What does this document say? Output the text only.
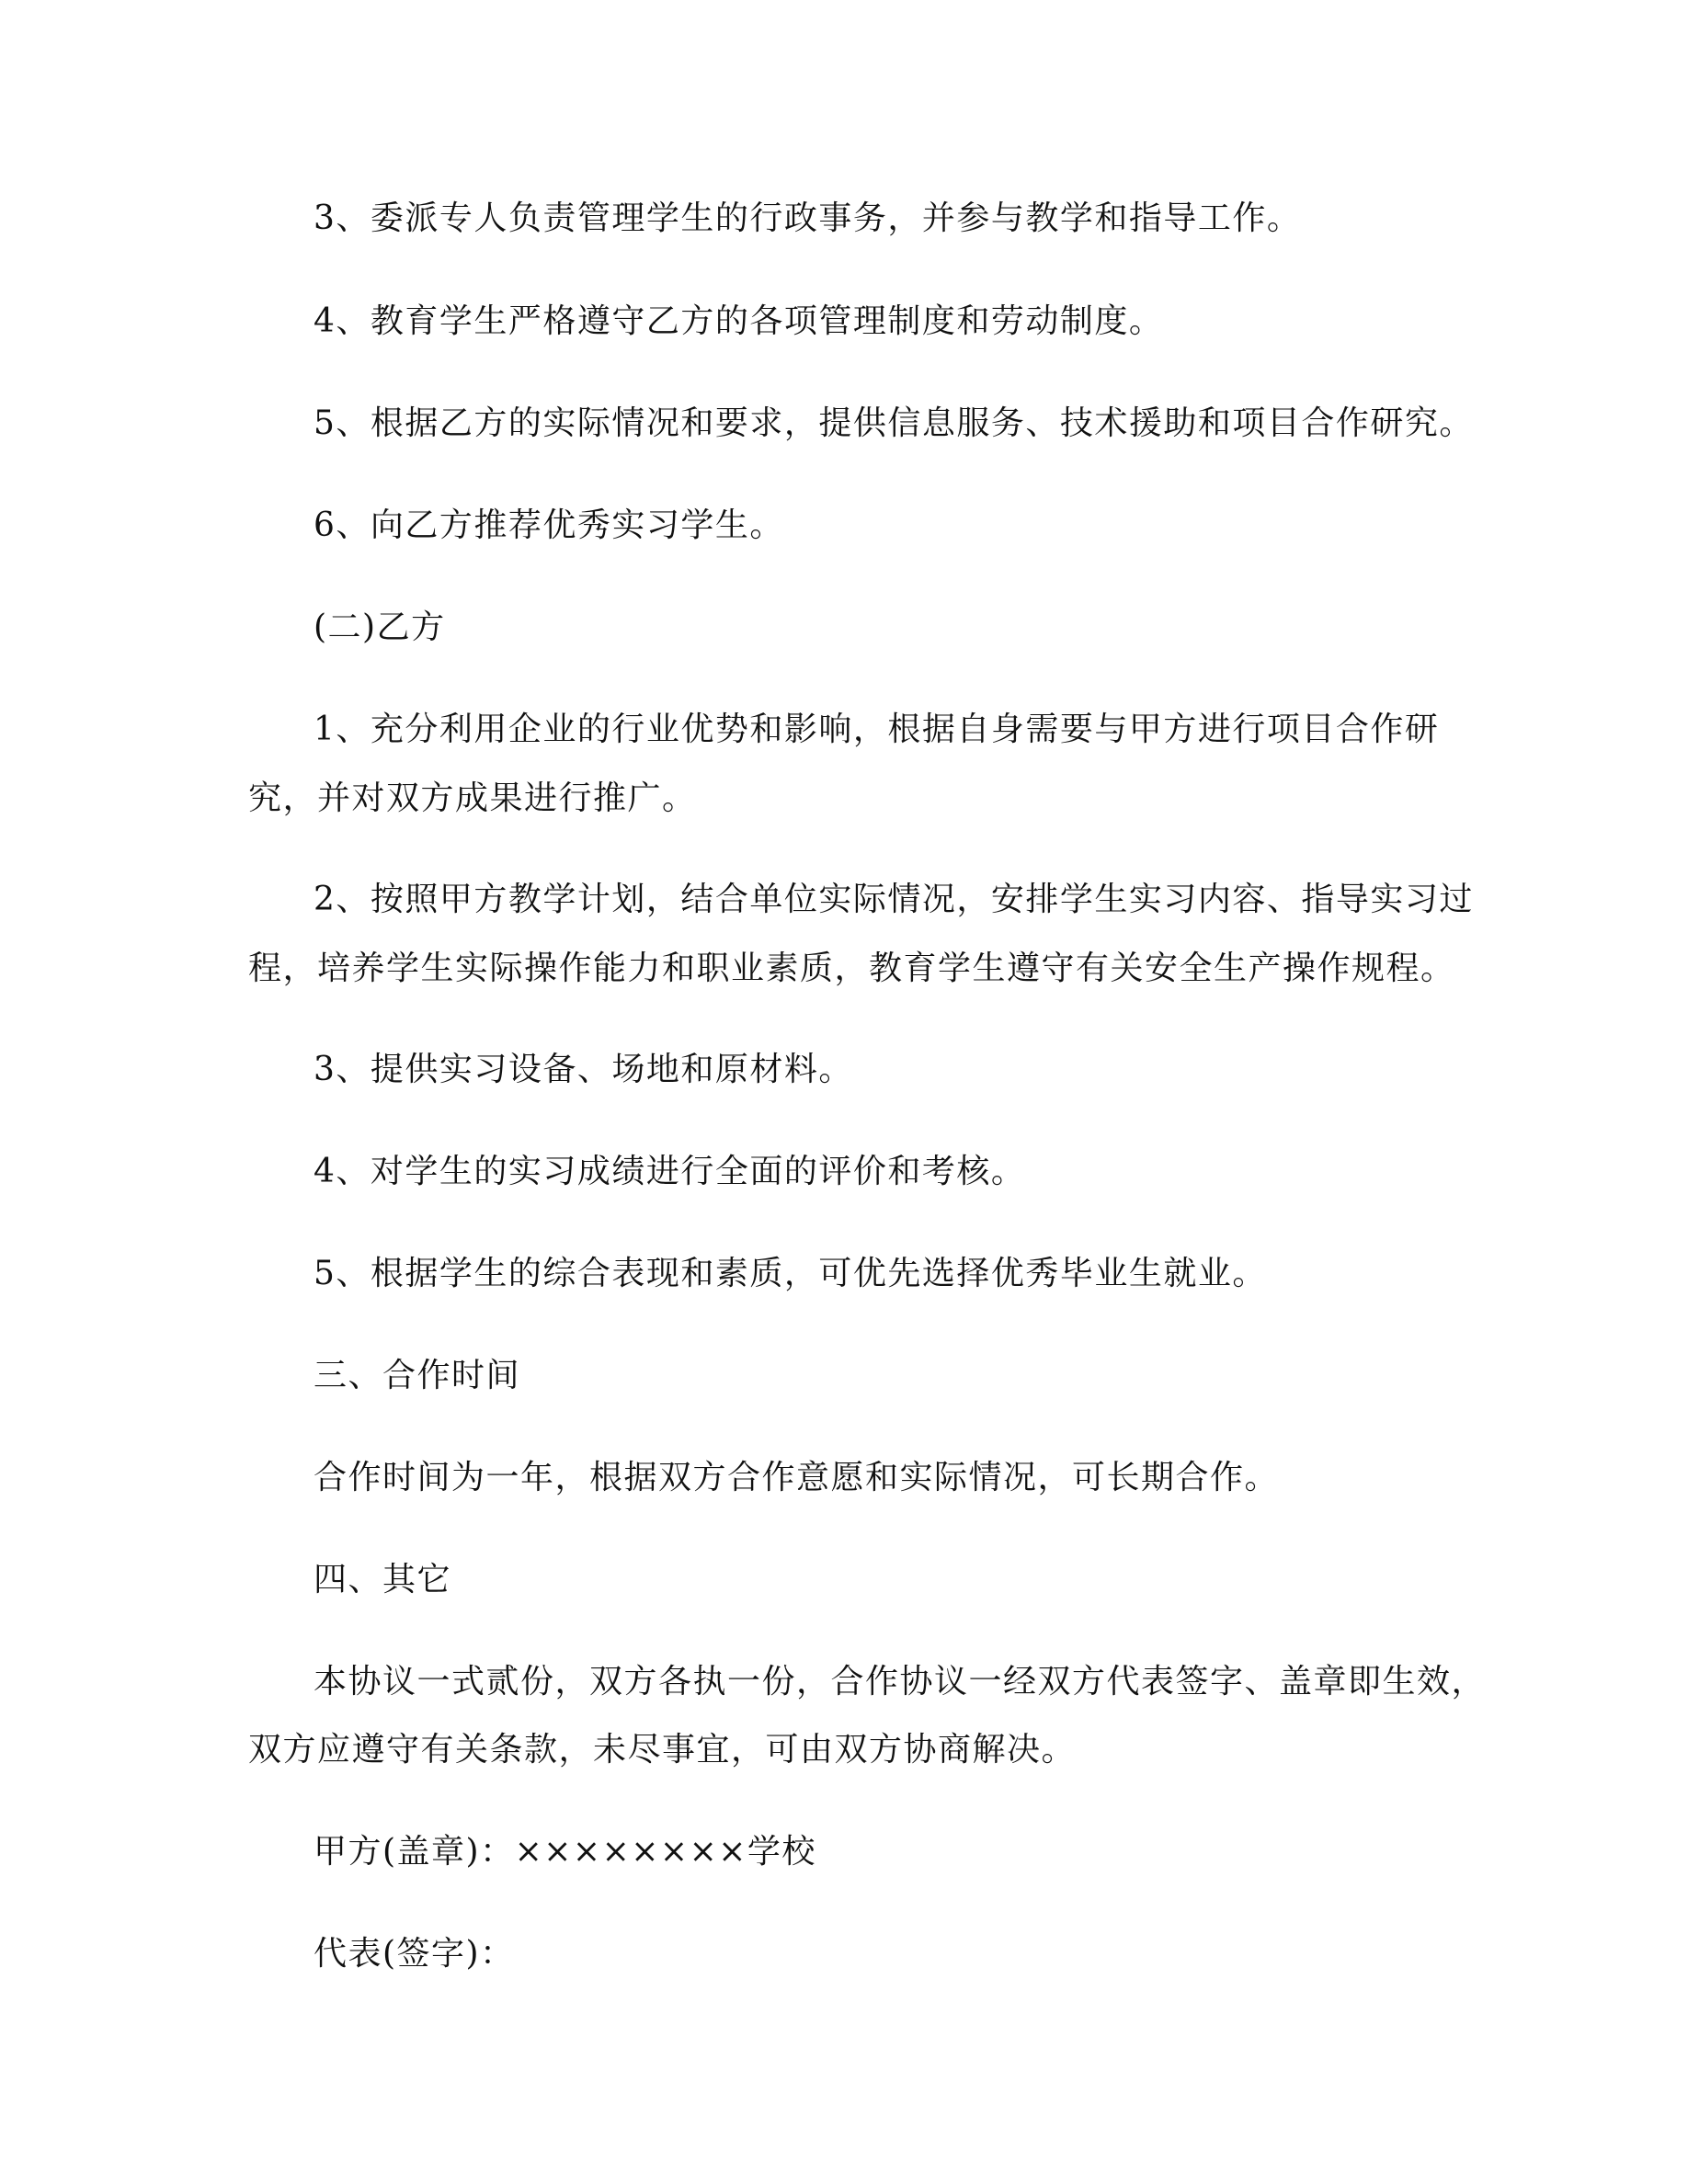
3、委派专人负责管理学生的行政事务，并参与教学和指导工作。

4、教育学生严格遵守乙方的各项管理制度和劳动制度。

5、根据乙方的实际情况和要求，提供信息服务、技术援助和项目合作研究。

6、向乙方推荐优秀实习学生。

(二)乙方

1、充分利用企业的行业优势和影响，根据自身需要与甲方进行项目合作研

究，并对双方成果进行推广。

2、按照甲方教学计划，结合单位实际情况，安排学生实习内容、指导实习过

程，培养学生实际操作能力和职业素质，教育学生遵守有关安全生产操作规程。

3、提供实习设备、场地和原材料。

4、对学生的实习成绩进行全面的评价和考核。

5、根据学生的综合表现和素质，可优先选择优秀毕业生就业。

三、合作时间

合作时间为一年，根据双方合作意愿和实际情况，可长期合作。

四、其它

本协议一式贰份，双方各执一份，合作协议一经双方代表签字、盖章即生效，

双方应遵守有关条款，未尽事宜，可由双方协商解决。

甲方(盖章)：××××××××学校

代表(签字)：
